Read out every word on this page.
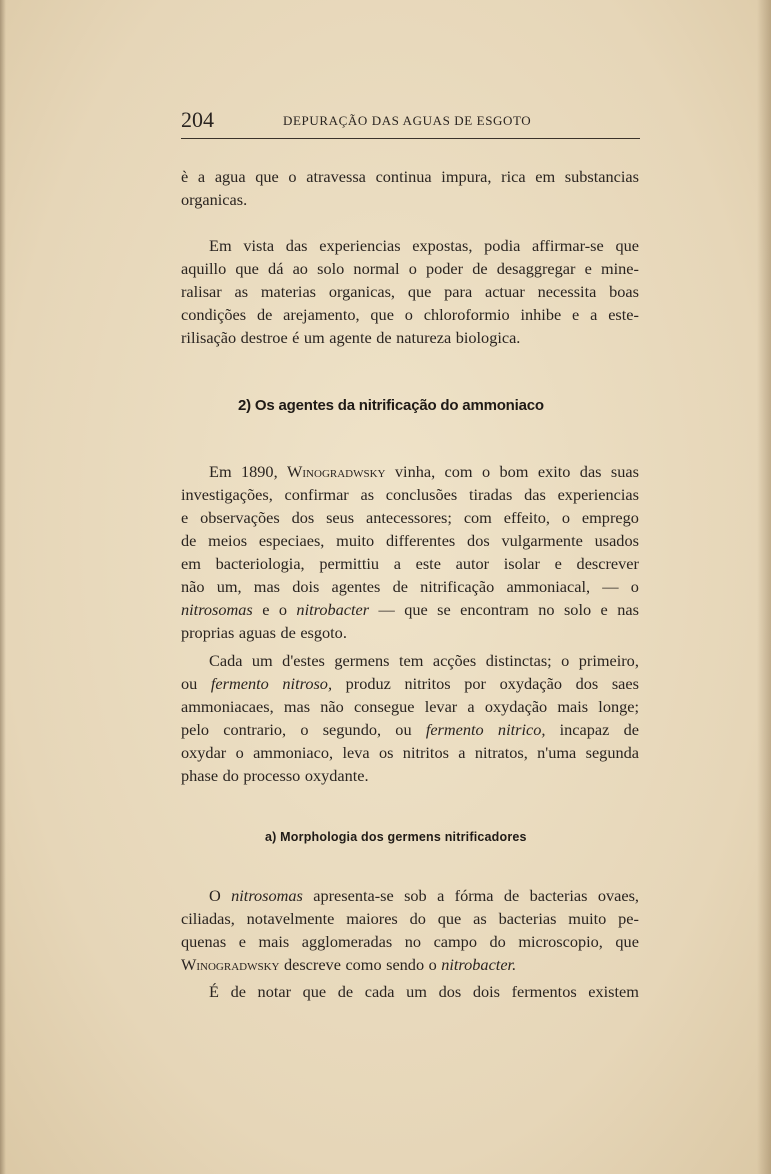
204	DEPURAÇÃO DAS AGUAS DE ESGOTO
è a agua que o atravessa continua impura, rica em substancias
organicas.
Em vista das experiencias expostas, podia affirmar-se que
aquillo que dá ao solo normal o poder de desaggregar e mine-
ralisar as materias organicas, que para actuar necessita boas
condições de arejamento, que o chloroformio inhibe e a este-
rilisação destroe é um agente de natureza biologica.
2) Os agentes da nitrificação do ammoniaco
Em 1890, Winogradwsky vinha, com o bom exito das suas
investigações, confirmar as conclusões tiradas das experiencias
e observações dos seus antecessores; com effeito, o emprego
de meios especiaes, muito differentes dos vulgarmente usados
em bacteriologia, permittiu a este autor isolar e descrever
não um, mas dois agentes de nitrificação ammoniacal, — o
nitrosomas e o nitrobacter — que se encontram no solo e nas
proprias aguas de esgoto.
Cada um d'estes germens tem acções distinctas; o primeiro,
ou fermento nitroso, produz nitritos por oxydação dos saes
ammoniacaes, mas não consegue levar a oxydação mais longe;
pelo contrario, o segundo, ou fermento nitrico, incapaz de
oxydar o ammoniaco, leva os nitritos a nitratos, n'uma segunda
phase do processo oxydante.
a) Morphologia dos germens nitrificadores
O nitrosomas apresenta-se sob a fórma de bacterias ovaes,
ciliadas, notavelmente maiores do que as bacterias muito pe-
quenas e mais agglomeradas no campo do microscopio, que
Winogradwsky descreve como sendo o nitrobacter.
É de notar que de cada um dos dois fermentos existem
